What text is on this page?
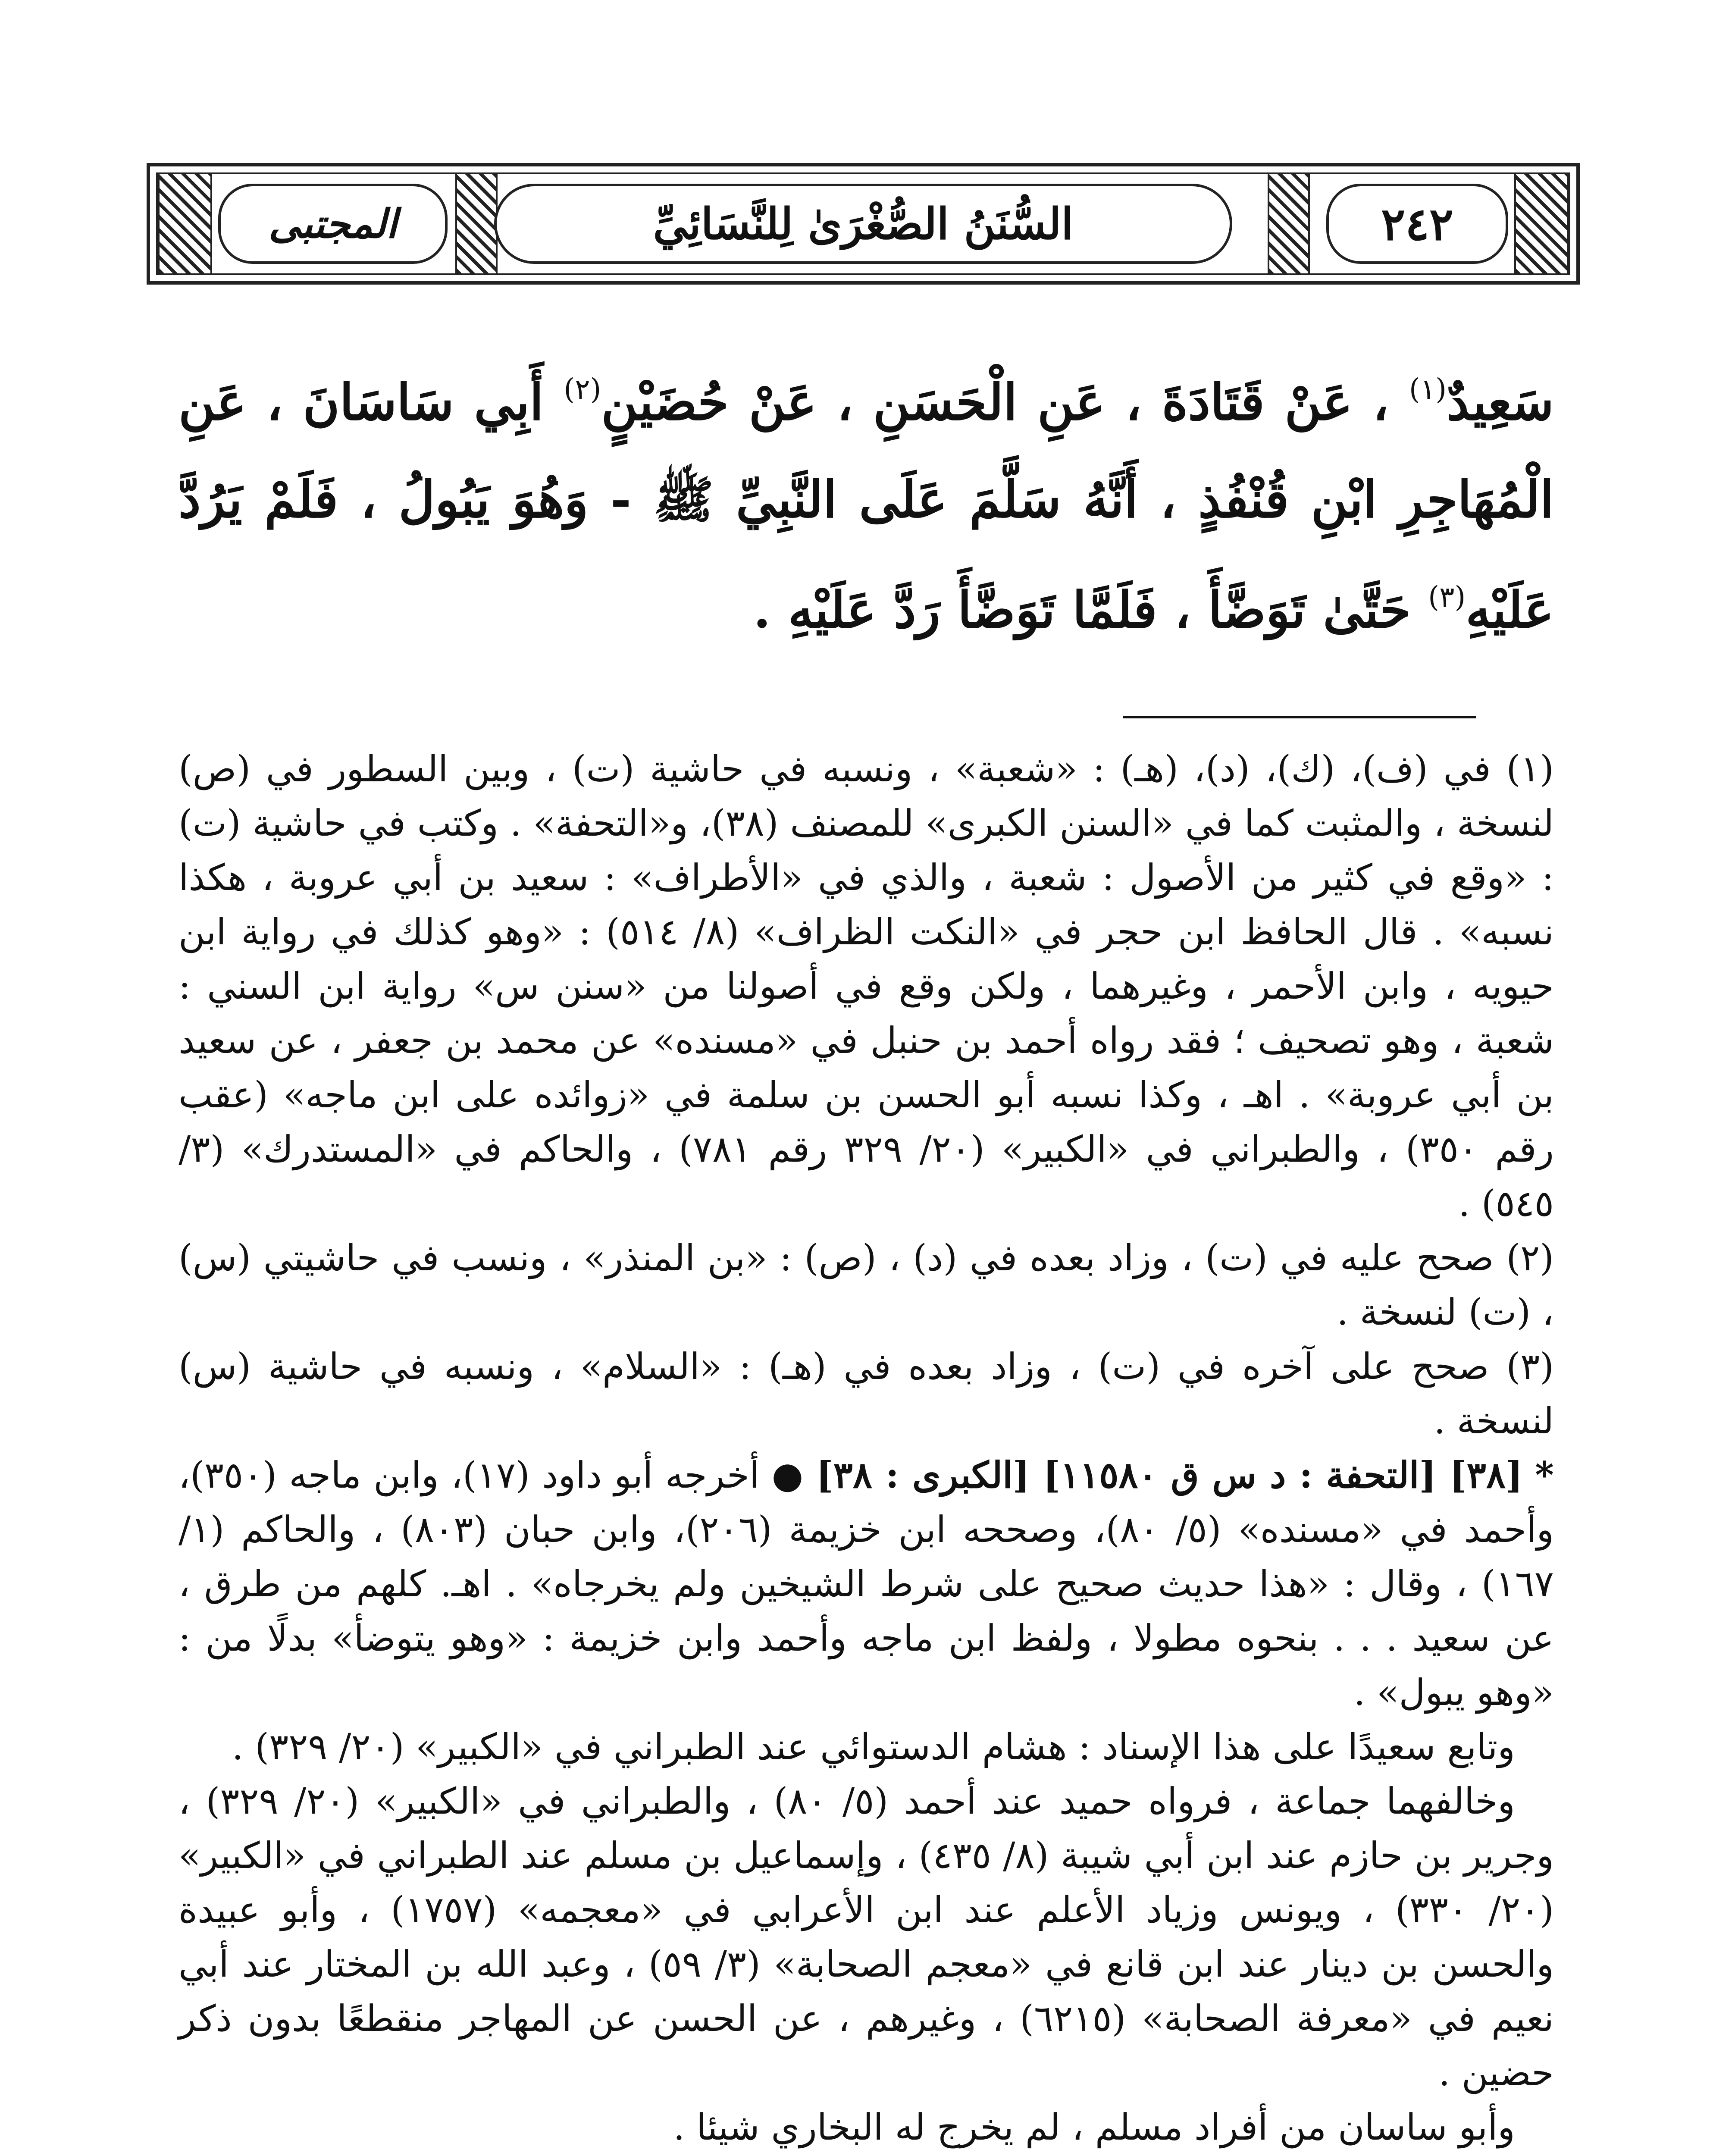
٢٤٢
السُّنَنُ الصُّغْرَىٰ لِلنَّسَائِيِّ
المجتبى
سَعِيدٌ$^{(١)}$ ، عَنْ قَتَادَةَ ، عَنِ الْحَسَنِ ، عَنْ حُضَيْنٍ$^{(٢)}$ أَبِي سَاسَانَ ، عَنِ الْمُهَاجِرِ ابْنِ قُنْفُذٍ ، أَنَّهُ سَلَّمَ عَلَى النَّبِيِّ ﷺ - وَهُوَ يَبُولُ ، فَلَمْ يَرُدَّ عَلَيْهِ$^{(٣)}$ حَتَّىٰ تَوَضَّأَ ، فَلَمَّا تَوَضَّأَ رَدَّ عَلَيْهِ .

(١) في (ف)، (ك)، (د)، (هـ) : «شعبة» ، ونسبه في حاشية (ت) ، وبين السطور في (ص) لنسخة ، والمثبت كما في «السنن الكبرى» للمصنف (٣٨)، و«التحفة» . وكتب في حاشية (ت) : «وقع في كثير من الأصول : شعبة ، والذي في «الأطراف» : سعيد بن أبي عروبة ، هكذا نسبه» . قال الحافظ ابن حجر في «النكت الظراف» (٨/ ٥١٤) : «وهو كذلك في رواية ابن حيويه ، وابن الأحمر ، وغيرهما ، ولكن وقع في أصولنا من «سنن س» رواية ابن السني : شعبة ، وهو تصحيف ؛ فقد رواه أحمد بن حنبل في «مسنده» عن محمد بن جعفر ، عن سعيد بن أبي عروبة» . اهـ ، وكذا نسبه أبو الحسن بن سلمة في «زوائده على ابن ماجه» (عقب رقم ٣٥٠) ، والطبراني في «الكبير» (٢٠/ ٣٢٩ رقم ٧٨١) ، والحاكم في «المستدرك» (٣/ ٥٤٥) .

(٢) صحح عليه في (ت) ، وزاد بعده في (د) ، (ص) : «بن المنذر» ، ونسب في حاشيتي (س) ، (ت) لنسخة .

(٣) صحح على آخره في (ت) ، وزاد بعده في (هـ) : «السلام» ، ونسبه في حاشية (س) لنسخة .

* [٣٨] [التحفة : د س ق ١١٥٨٠] [الكبرى : ٣٨] ● أخرجه أبو داود (١٧)، وابن ماجه (٣٥٠)، وأحمد في «مسنده» (٥/ ٨٠)، وصححه ابن خزيمة (٢٠٦)، وابن حبان (٨٠٣) ، والحاكم (١/ ١٦٧) ، وقال : «هذا حديث صحيح على شرط الشيخين ولم يخرجاه» . اهـ. كلهم من طرق ، عن سعيد . . . بنحوه مطولا ، ولفظ ابن ماجه وأحمد وابن خزيمة : «وهو يتوضأ» بدلًا من : «وهو يبول» .

وتابع سعيدًا على هذا الإسناد : هشام الدستوائي عند الطبراني في «الكبير» (٢٠/ ٣٢٩) .

وخالفهما جماعة ، فرواه حميد عند أحمد (٥/ ٨٠) ، والطبراني في «الكبير» (٢٠/ ٣٢٩) ، وجرير بن حازم عند ابن أبي شيبة (٨/ ٤٣٥) ، وإسماعيل بن مسلم عند الطبراني في «الكبير» (٢٠/ ٣٣٠) ، ويونس وزياد الأعلم عند ابن الأعرابي في «معجمه» (١٧٥٧) ، وأبو عبيدة والحسن بن دينار عند ابن قانع في «معجم الصحابة» (٣/ ٥٩) ، وعبد الله بن المختار عند أبي نعيم في «معرفة الصحابة» (٦٢١٥) ، وغيرهم ، عن الحسن عن المهاجر منقطعًا بدون ذكر حضين .

وأبو ساسان من أفراد مسلم ، لم يخرج له البخاري شيئا .
